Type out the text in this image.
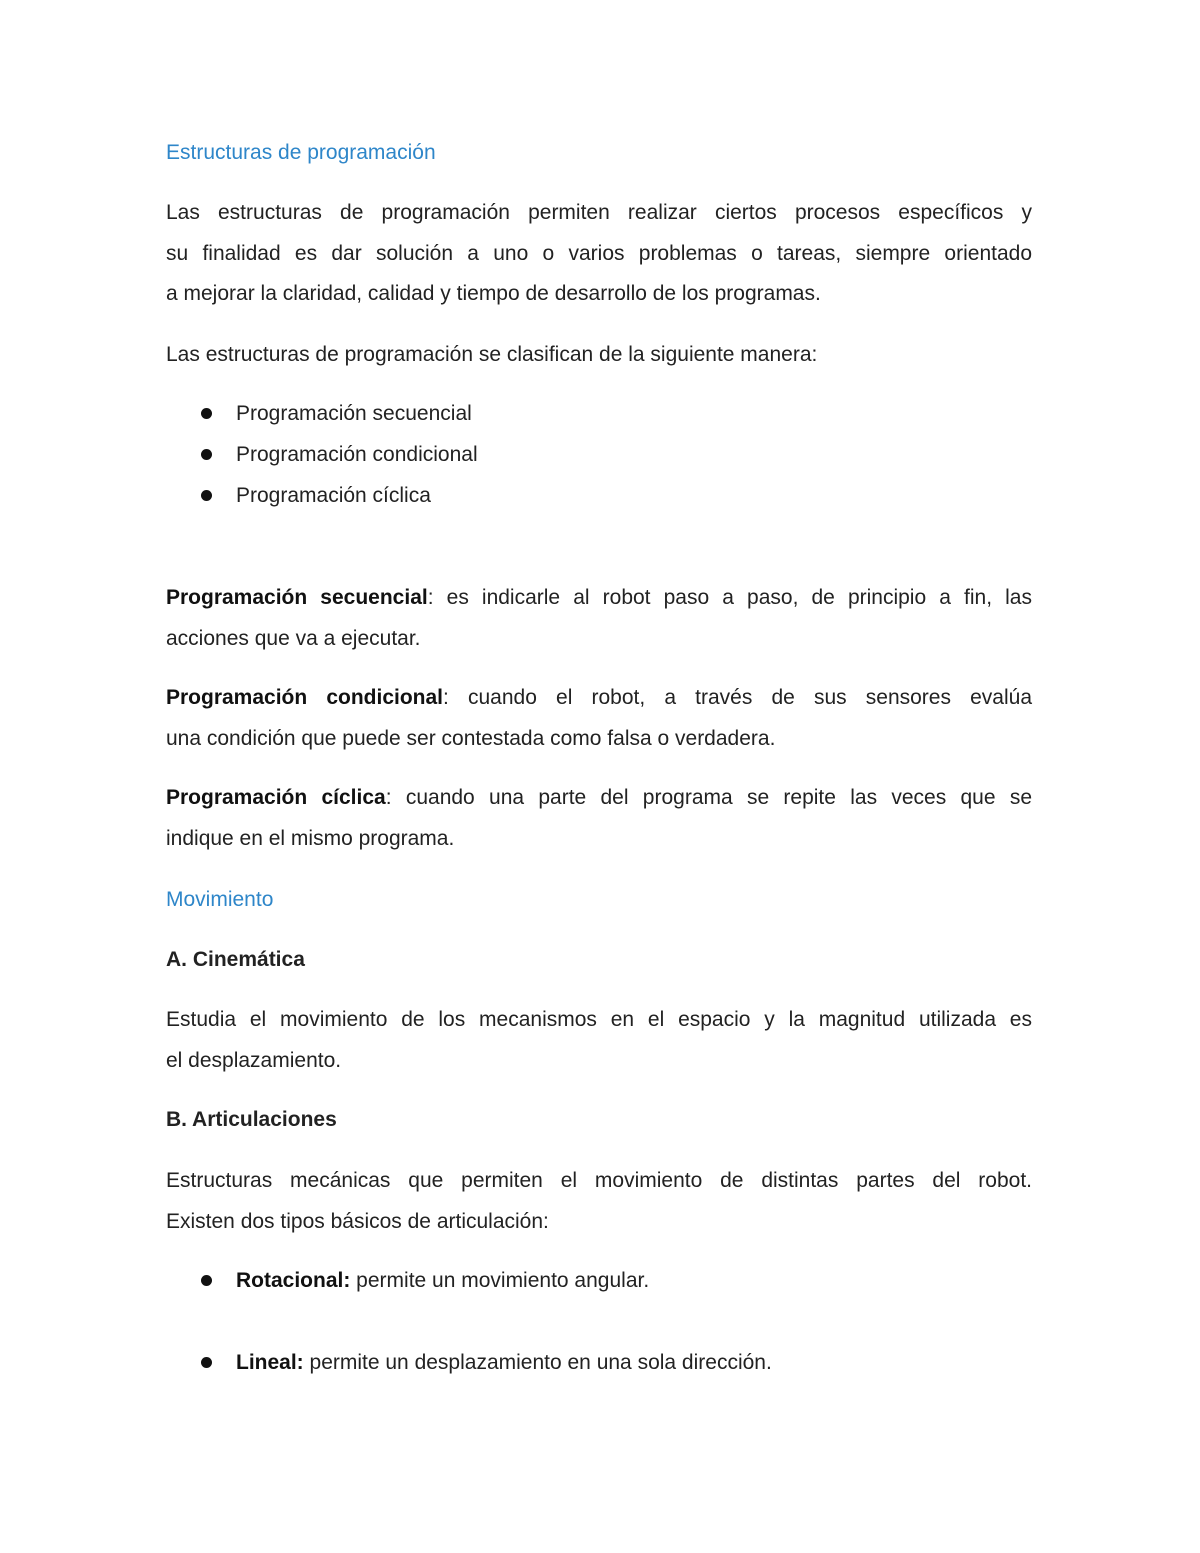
Estructuras de programación
Las estructuras de programación permiten realizar ciertos procesos específicos y
su finalidad es dar solución a uno o varios problemas o tareas, siempre orientado
a mejorar la claridad, calidad y tiempo de desarrollo de los programas.

Las estructuras de programación se clasifican de la siguiente manera:

Programación secuencial
Programación condicional
Programación cíclica
Programación secuencial: es indicarle al robot paso a paso, de principio a fin, las
acciones que va a ejecutar.
Programación condicional: cuando el robot, a través de sus sensores evalúa
una condición que puede ser contestada como falsa o verdadera.
Programación cíclica: cuando una parte del programa se repite las veces que se
indique en el mismo programa.
Movimiento
A. Cinemática
Estudia el movimiento de los mecanismos en el espacio y la magnitud utilizada es
el desplazamiento.
B. Articulaciones
Estructuras mecánicas que permiten el movimiento de distintas partes del robot.
Existen dos tipos básicos de articulación:
Rotacional: permite un movimiento angular.
Lineal: permite un desplazamiento en una sola dirección.
